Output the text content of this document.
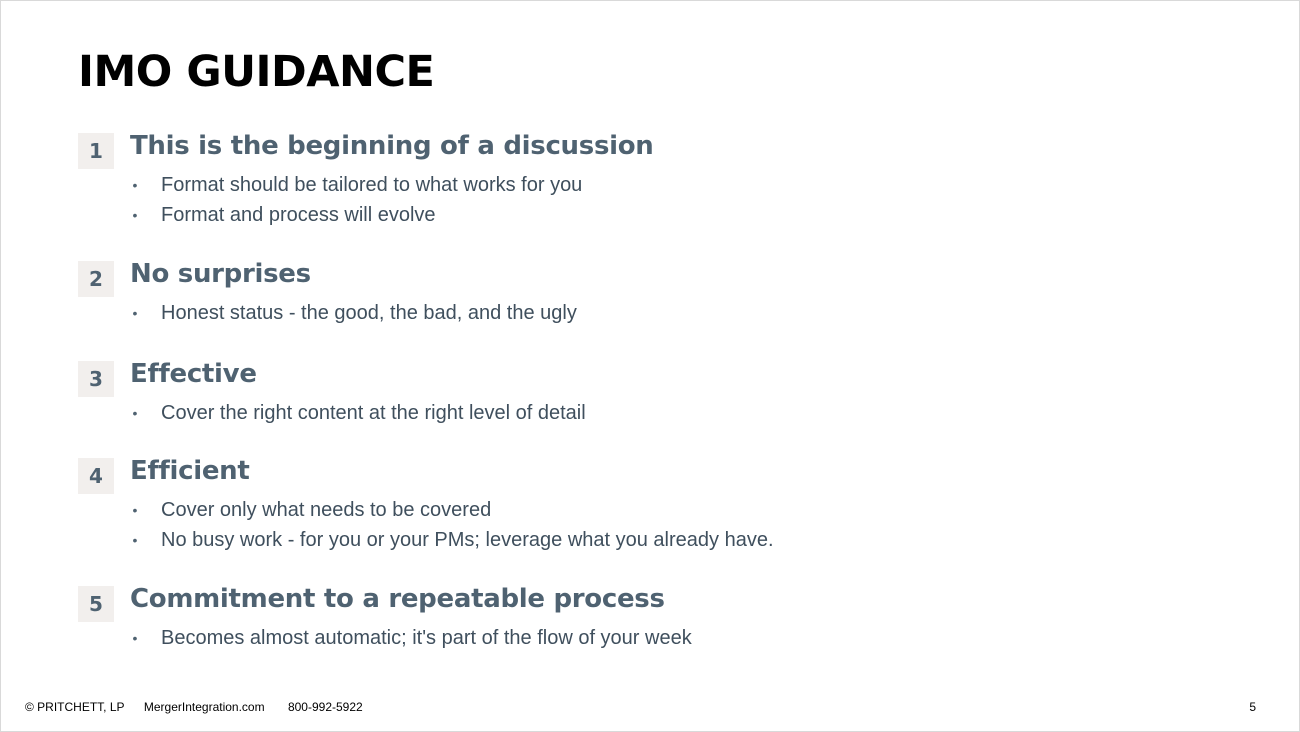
IMO GUIDANCE
1	This is the beginning of a discussion
• Format should be tailored to what works for you
• Format and process will evolve
2	No surprises
• Honest status - the good, the bad, and the ugly
3	Effective
• Cover the right content at the right level of detail
4	Efficient
• Cover only what needs to be covered
• No busy work - for you or your PMs; leverage what you already have.
5	Commitment to a repeatable process
• Becomes almost automatic; it's part of the flow of your week
© PRITCHETT, LP MergerIntegration.com 800-992-5922	5
